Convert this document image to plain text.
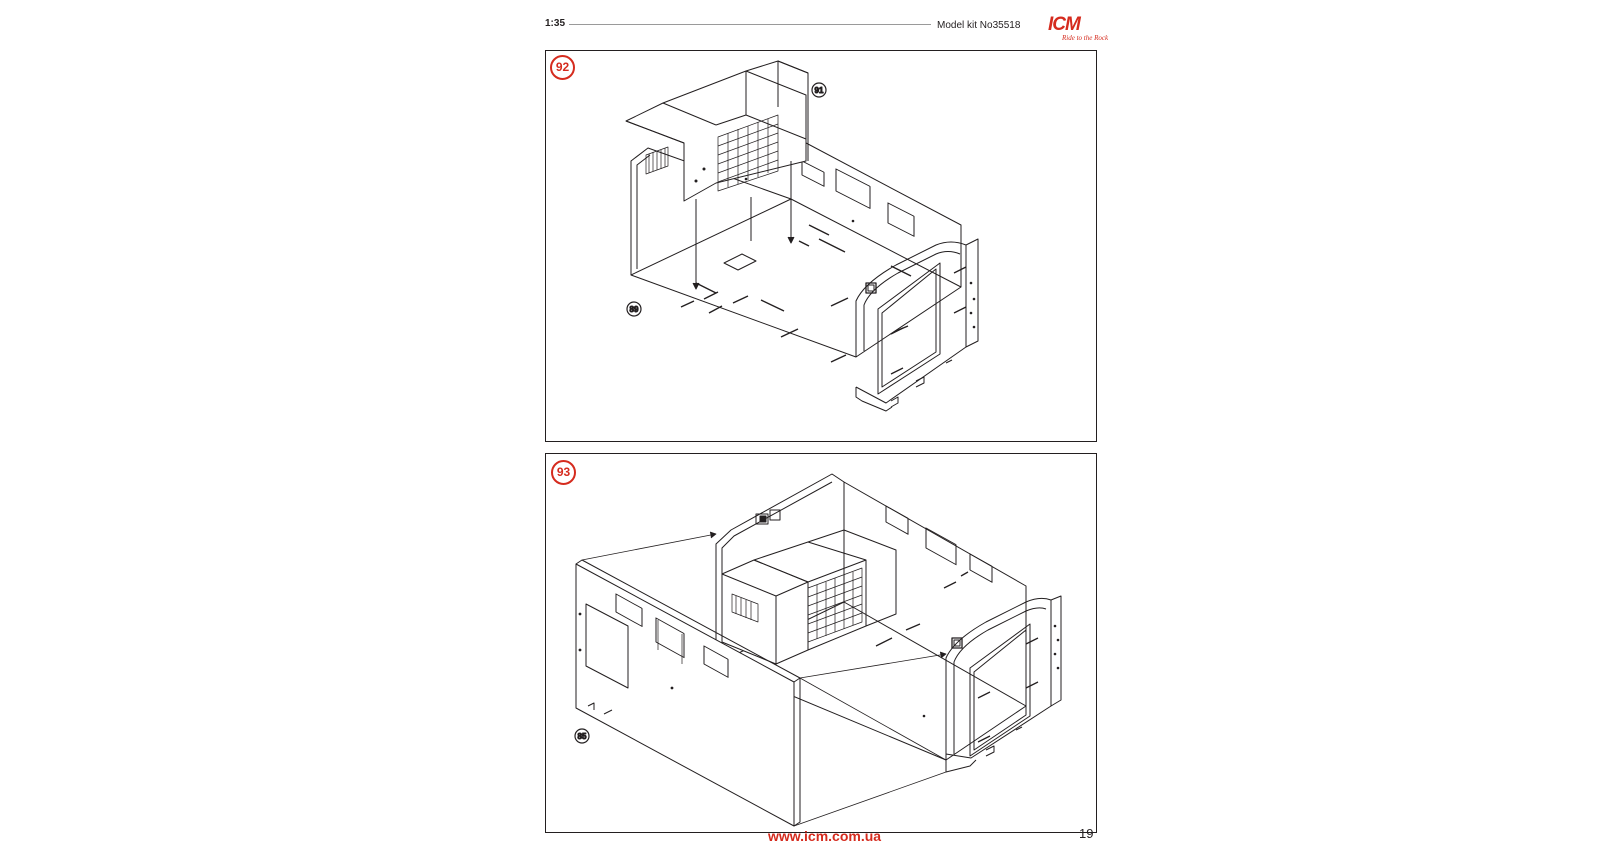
1:35	Model kit No35518 ICM
Ride to the Rock
92
91
89
93
85
www.icm.com.ua	19
